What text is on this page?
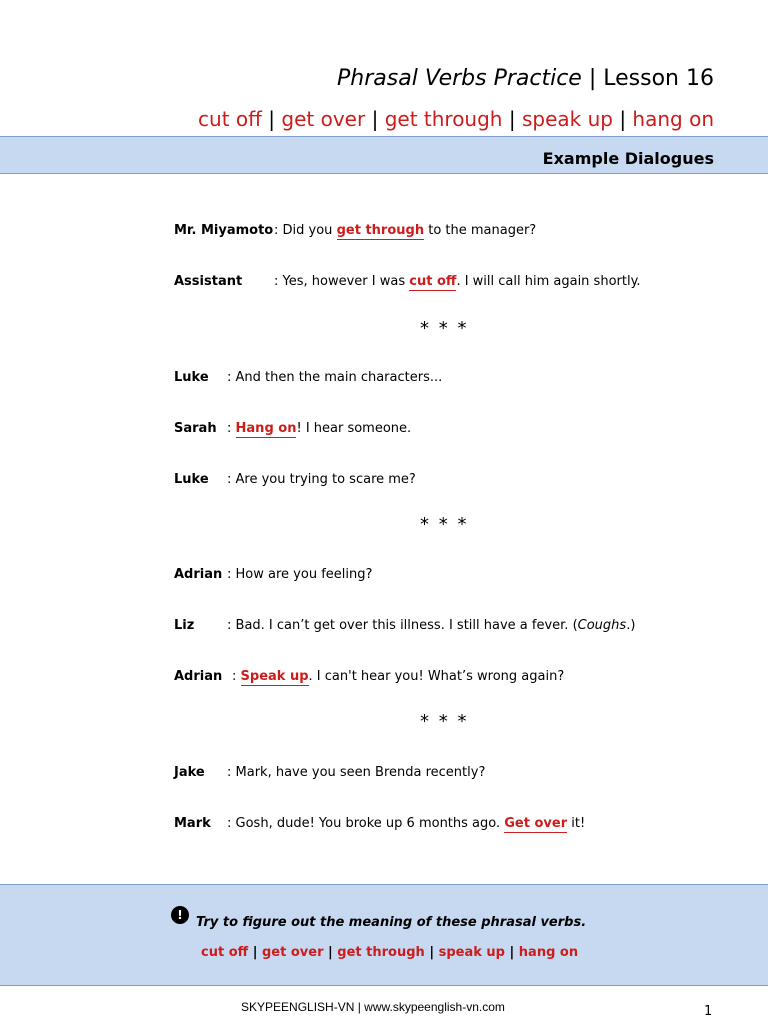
Phrasal Verbs Practice | Lesson 16
cut off | get over | get through | speak up | hang on
Example Dialogues
Mr. Miyamoto : Did you get through to the manager?
Assistant : Yes, however I was cut off. I will call him again shortly.
* * *
Luke : And then the main characters...
Sarah : Hang on! I hear someone.
Luke : Are you trying to scare me?
* * *
Adrian : How are you feeling?
Liz	: Bad. I can’t get over this illness. I still have a fever. (Coughs.)
Adrian : Speak up. I can't hear you! What’s wrong again?
* * *
Jake : Mark, have you seen Brenda recently?
Mark : Gosh, dude! You broke up 6 months ago. Get over it!
!	Try to figure out the meaning of these phrasal verbs.
cut off | get over | get through | speak up | hang on
SKYPEENGLISH-VN | www.skypeenglish-vn.com	1
